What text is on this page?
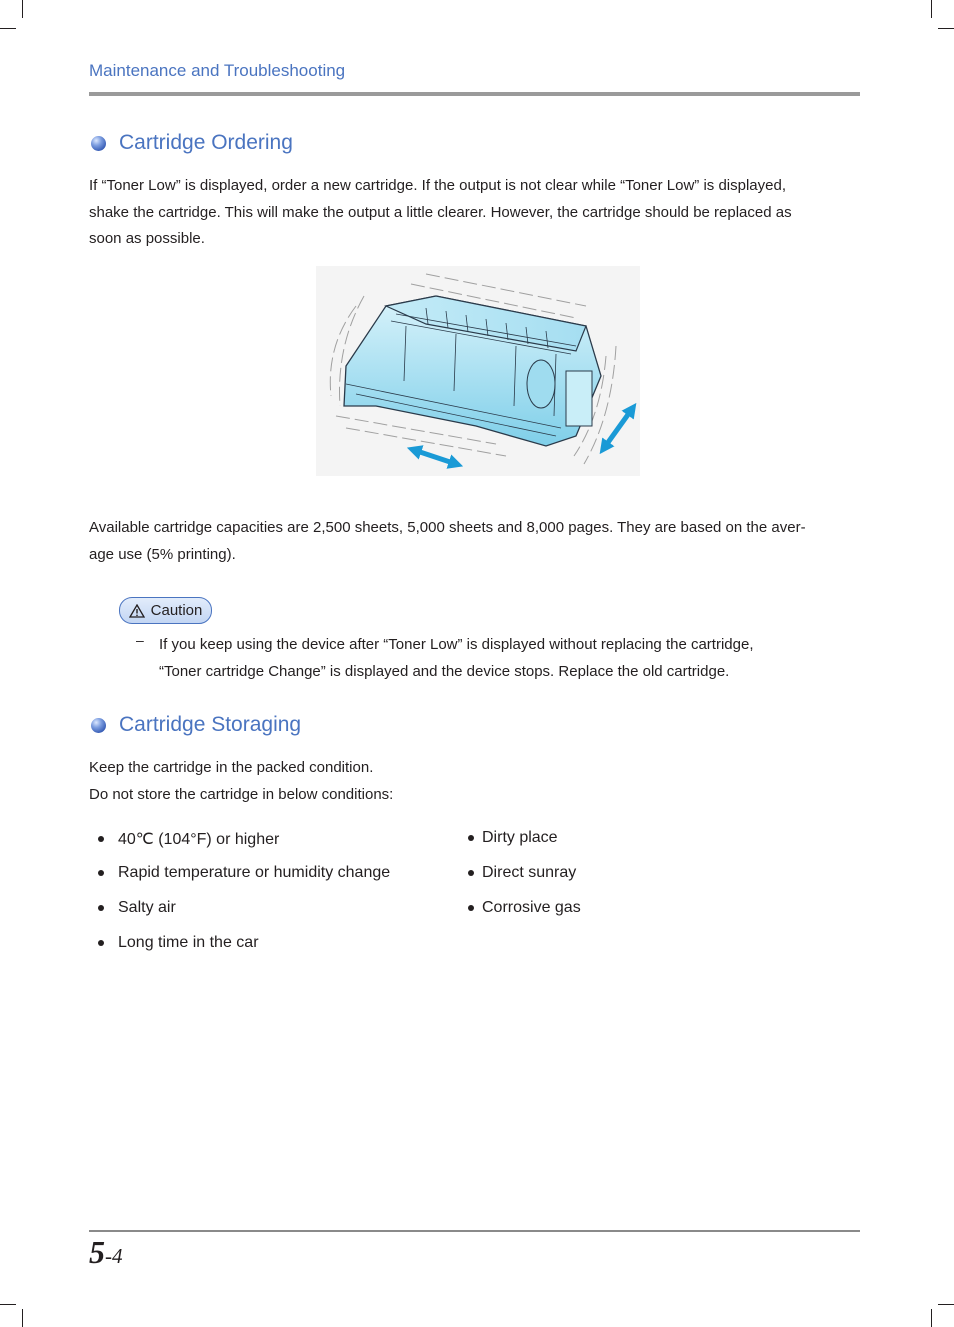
Maintenance and Troubleshooting
Cartridge Ordering
If “Toner Low” is displayed, order a new cartridge. If the output is not clear while “Toner Low” is displayed,
shake the cartridge. This will make the output a little clearer. However, the cartridge should be replaced as
soon as possible.
Available cartridge capacities are 2,500 sheets, 5,000 sheets and 8,000 pages. They are based on the aver-
age use (5% printing).
Caution
– If you keep using the device after “Toner Low” is displayed without replacing the cartridge,
“Toner cartridge Change” is displayed and the device stops. Replace the old cartridge.
Cartridge Storaging
Keep the cartridge in the packed condition.
Do not store the cartridge in below conditions:
40℃ (104°F) or higher
Rapid temperature or humidity change
Salty air
Long time in the car
Dirty place
Direct sunray
Corrosive gas
5-4
